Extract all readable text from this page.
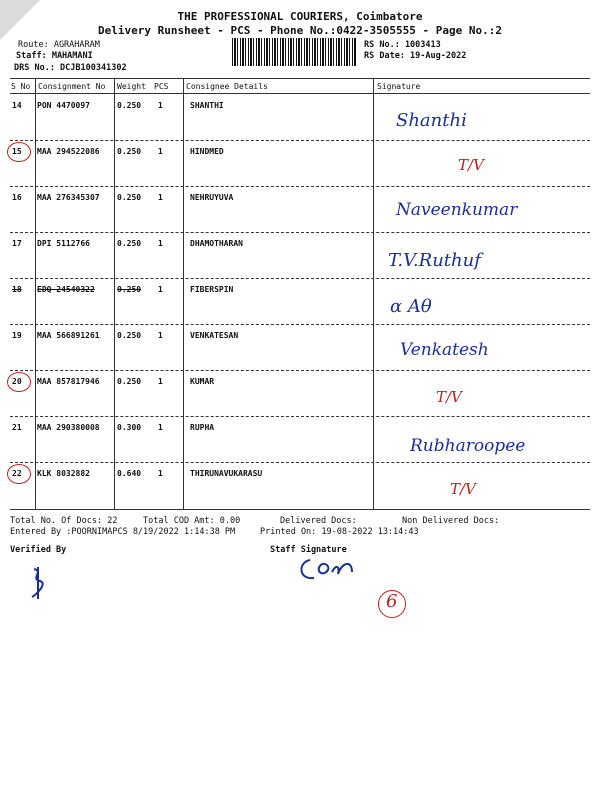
THE PROFESSIONAL COURIERS, Coimbatore
Delivery Runsheet - PCS - Phone No.:0422-3505555 - Page No.:2
Route: AGRAHARAM
Staff: MAHAMANI
DRS No.: DCJB100341302
RS No.: 1003413
RS Date: 19-Aug-2022
S No Consignment No Weight PCS Consignee Details	Signature
14 PON 4470097	0.250 1	SHANTHI
Shanthi
15 MAA 294522086 0.250 1	HINDMED
T/V
16 MAA 276345307 0.250 1	NEHRUYUVA
Naveenkumar
17 DPI 5112766	0.250 1	DHAMOTHARAN
T.V.Ruthuf
18 EDQ 24540322	0.250 1	FIBERSPIN
α Aθ
19 MAA 566891261 0.250 1	VENKATESAN
Venkatesh
20 MAA 857817946 0.250 1	KUMAR
T/V
21 MAA 290380008 0.300 1	RUPHA
Rubharoopee
22 KLK 8032882	0.640 1	THIRUNAVUKARASU
T/V
Total No. Of Docs: 22	Total COD Amt: 0.00	Delivered Docs:	Non Delivered Docs:
Entered By :POORNIMAPCS 8/19/2022 1:14:38 PM	Printed On: 19-08-2022 13:14:43
Verified By	Staff Signature
6
